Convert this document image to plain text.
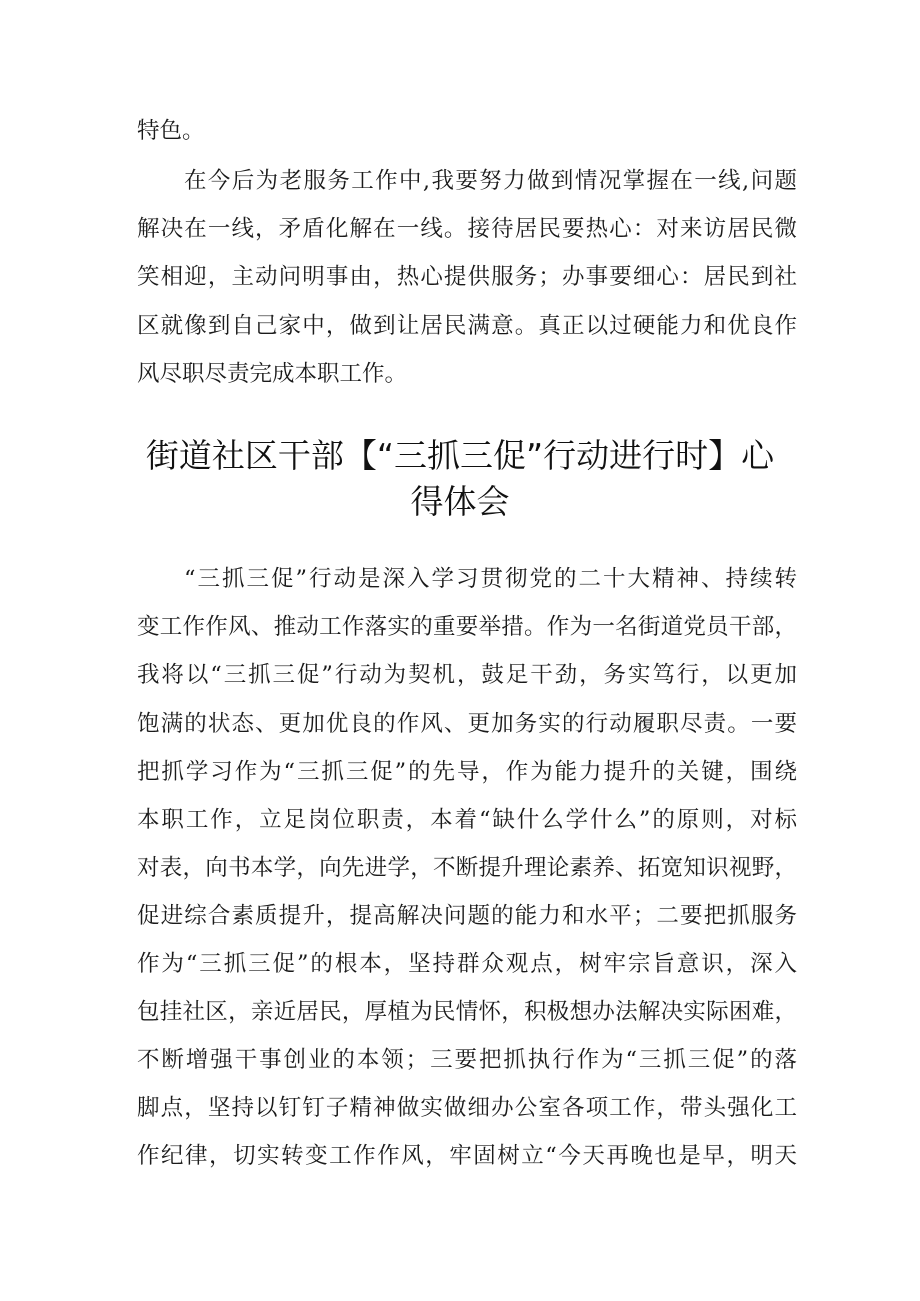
特色。
在今后为老服务工作中,我要努力做到情况掌握在一线,问题
解决在一线，矛盾化解在一线。接待居民要热心：对来访居民微
笑相迎，主动问明事由，热心提供服务；办事要细心：居民到社
区就像到自己家中，做到让居民满意。真正以过硬能力和优良作
风尽职尽责完成本职工作。
街道社区干部【“三抓三促”行动进行时】心
得体会
“三抓三促”行动是深入学习贯彻党的二十大精神、持续转
变工作作风、推动工作落实的重要举措。作为一名街道党员干部，
我将以“三抓三促”行动为契机，鼓足干劲，务实笃行，以更加
饱满的状态、更加优良的作风、更加务实的行动履职尽责。一要
把抓学习作为“三抓三促”的先导，作为能力提升的关键，围绕
本职工作，立足岗位职责，本着“缺什么学什么”的原则，对标
对表，向书本学，向先进学，不断提升理论素养、拓宽知识视野，
促进综合素质提升，提高解决问题的能力和水平；二要把抓服务
作为“三抓三促”的根本，坚持群众观点，树牢宗旨意识，深入
包挂社区，亲近居民，厚植为民情怀，积极想办法解决实际困难，
不断增强干事创业的本领；三要把抓执行作为“三抓三促”的落
脚点，坚持以钉钉子精神做实做细办公室各项工作，带头强化工
作纪律，切实转变工作作风，牢固树立“今天再晚也是早，明天
